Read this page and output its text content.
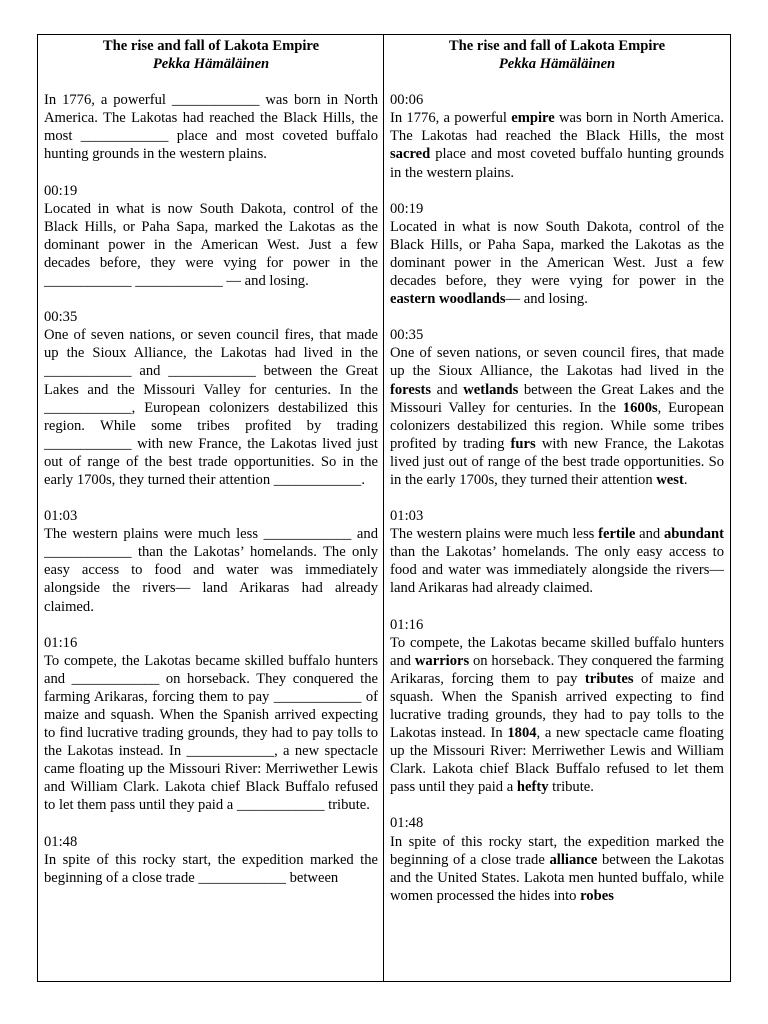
The rise and fall of Lakota Empire

Pekka Hämäläinen

In 1776, a powerful ____________ was born in North America. The Lakotas had reached the Black Hills, the most ____________ place and most coveted buffalo hunting grounds in the western plains.
00:19
Located in what is now South Dakota, control of the Black Hills, or Paha Sapa, marked the Lakotas as the dominant power in the American West. Just a few decades before, they were vying for power in the ____________ ____________ — and losing.
00:35
One of seven nations, or seven council fires, that made up the Sioux Alliance, the Lakotas had lived in the ____________ and ____________ between the Great Lakes and the Missouri Valley for centuries. In the ____________, European colonizers destabilized this region. While some tribes profited by trading ____________ with new France, the Lakotas lived just out of range of the best trade opportunities. So in the early 1700s, they turned their attention ____________.
01:03
The western plains were much less ____________ and ____________ than the Lakotas’ homelands. The only easy access to food and water was immediately alongside the rivers— land Arikaras had already claimed.
01:16
To compete, the Lakotas became skilled buffalo hunters and ____________ on horseback. They conquered the farming Arikaras, forcing them to pay ____________ of maize and squash. When the Spanish arrived expecting to find lucrative trading grounds, they had to pay tolls to the Lakotas instead. In ____________, a new spectacle came floating up the Missouri River: Merriwether Lewis and William Clark. Lakota chief Black Buffalo refused to let them pass until they paid a ____________ tribute.
01:48
In spite of this rocky start, the expedition marked the beginning of a close trade ____________ between

The rise and fall of Lakota Empire

Pekka Hämäläinen

00:06
In 1776, a powerful empire was born in North America. The Lakotas had reached the Black Hills, the most sacred place and most coveted buffalo hunting grounds in the western plains.
00:19
Located in what is now South Dakota, control of the Black Hills, or Paha Sapa, marked the Lakotas as the dominant power in the American West. Just a few decades before, they were vying for power in the eastern woodlands— and losing.
00:35
One of seven nations, or seven council fires, that made up the Sioux Alliance, the Lakotas had lived in the forests and wetlands between the Great Lakes and the Missouri Valley for centuries. In the 1600s, European colonizers destabilized this region. While some tribes profited by trading furs with new France, the Lakotas lived just out of range of the best trade opportunities. So in the early 1700s, they turned their attention west.
01:03
The western plains were much less fertile and abundant than the Lakotas’ homelands. The only easy access to food and water was immediately alongside the rivers— land Arikaras had already claimed.
01:16
To compete, the Lakotas became skilled buffalo hunters and warriors on horseback. They conquered the farming Arikaras, forcing them to pay tributes of maize and squash. When the Spanish arrived expecting to find lucrative trading grounds, they had to pay tolls to the Lakotas instead. In 1804, a new spectacle came floating up the Missouri River: Merriwether Lewis and William Clark. Lakota chief Black Buffalo refused to let them pass until they paid a hefty tribute.
01:48
In spite of this rocky start, the expedition marked the beginning of a close trade alliance between the Lakotas and the United States. Lakota men hunted buffalo, while women processed the hides into robes
